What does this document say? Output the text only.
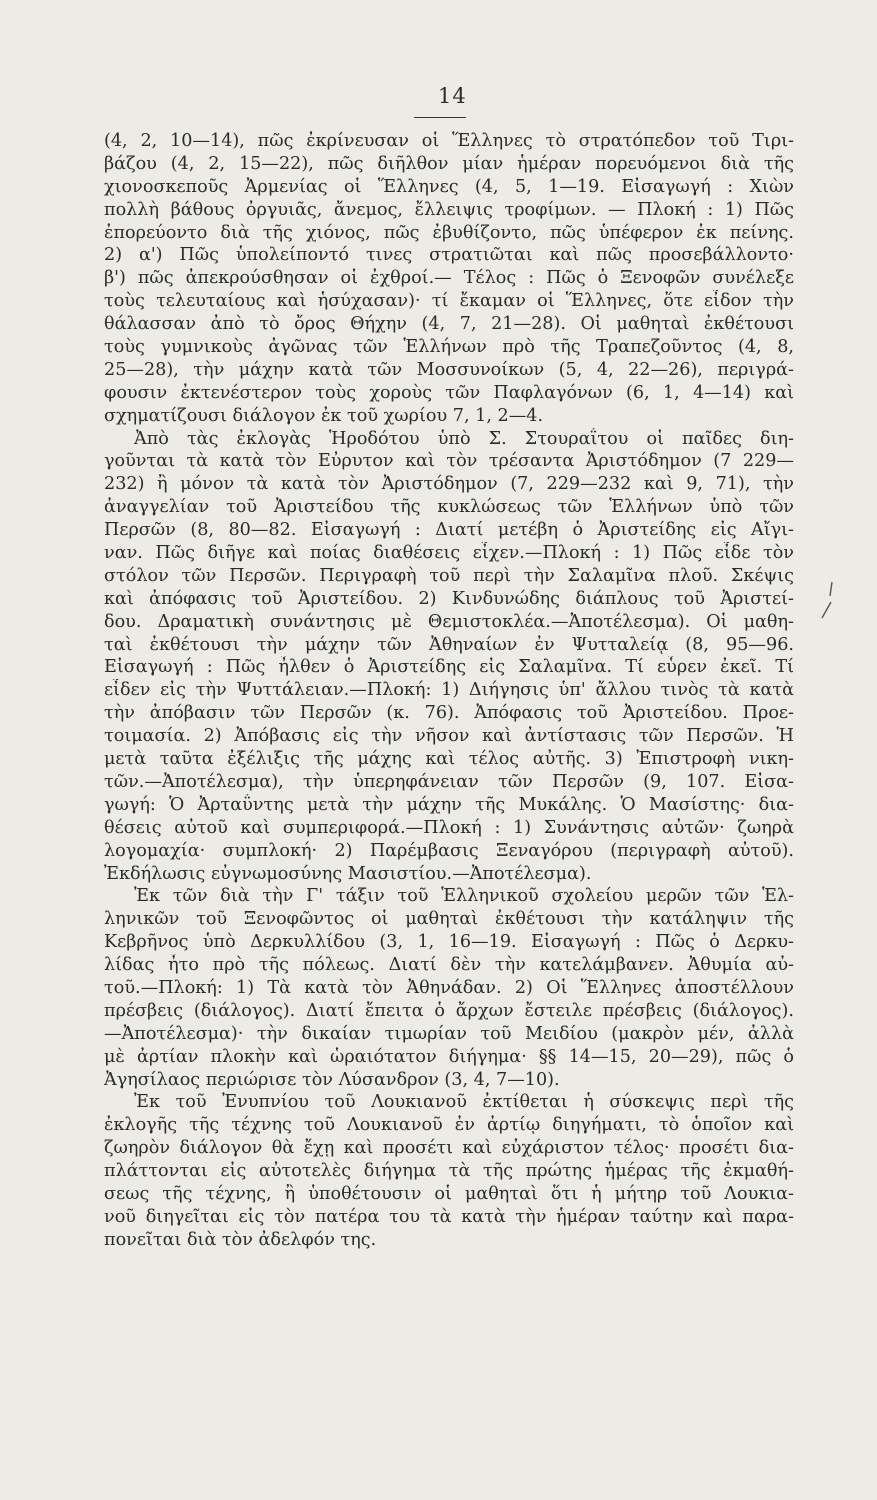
14
(4, 2, 10—14), πῶς ἐκρίνευσαν οἱ Ἕλληνες τὸ στρατόπεδον τοῦ Τιρι-
βάζου (4, 2, 15—22), πῶς διῆλθον μίαν ἡμέραν πορευόμενοι διὰ τῆς
χιονοσκεποῦς Ἀρμενίας οἱ Ἕλληνες (4, 5, 1—19. Εἰσαγωγή : Χιὼν
πολλὴ βάθους ὀργυιᾶς, ἄνεμος, ἔλλειψις τροφίμων. — Πλοκή : 1) Πῶς
ἐπορεύοντο διὰ τῆς χιόνος, πῶς ἐβυθίζοντο, πῶς ὑπέφερον ἐκ πείνης.
2) α') Πῶς ὑπολείποντό τινες στρατιῶται καὶ πῶς προσεβάλλοντο·
β') πῶς ἀπεκρούσθησαν οἱ ἐχθροί.— Τέλος : Πῶς ὁ Ξενοφῶν συνέλεξε
τοὺς τελευταίους καὶ ἡσύχασαν)· τί ἔκαμαν οἱ Ἕλληνες, ὅτε εἶδον τὴν
θάλασσαν ἀπὸ τὸ ὄρος Θήχην (4, 7, 21—28). Οἱ μαθηταὶ ἐκθέτουσι
τοὺς γυμνικοὺς ἀγῶνας τῶν Ἑλλήνων πρὸ τῆς Τραπεζοῦντος (4, 8,
25—28), τὴν μάχην κατὰ τῶν Μοσσυνοίκων (5, 4, 22—26), περιγρά-
φουσιν ἐκτενέστερον τοὺς χοροὺς τῶν Παφλαγόνων (6, 1, 4—14) καὶ
σχηματίζουσι διάλογον ἐκ τοῦ χωρίου 7, 1, 2—4.
Ἀπὸ τὰς ἐκλογὰς Ἡροδότου ὑπὸ Σ. Στουραΐτου οἱ παῖδες διη-
γοῦνται τὰ κατὰ τὸν Εὐρυτον καὶ τὸν τρέσαντα Ἀριστόδημον (7 229—
232) ἢ μόνον τὰ κατὰ τὸν Ἀριστόδημον (7, 229—232 καὶ 9, 71), τὴν
ἀναγγελίαν τοῦ Ἀριστείδου τῆς κυκλώσεως τῶν Ἑλλήνων ὑπὸ τῶν
Περσῶν (8, 80—82. Εἰσαγωγή : Διατί μετέβη ὁ Ἀριστείδης εἰς Αἴγι-
ναν. Πῶς διῆγε καὶ ποίας διαθέσεις εἶχεν.—Πλοκή : 1) Πῶς εἶδε τὸν
στόλον τῶν Περσῶν. Περιγραφὴ τοῦ περὶ τὴν Σαλαμῖνα πλοῦ. Σκέψις
καὶ ἀπόφασις τοῦ Ἀριστείδου. 2) Κινδυνώδης διάπλους τοῦ Ἀριστεί-
δου. Δραματικὴ συνάντησις μὲ Θεμιστοκλέα.—Ἀποτέλεσμα). Οἱ μαθη-
ταὶ ἐκθέτουσι τὴν μάχην τῶν Ἀθηναίων ἐν Ψυτταλείᾳ (8, 95—96.
Εἰσαγωγή : Πῶς ἦλθεν ὁ Ἀριστείδης εἰς Σαλαμῖνα. Τί εὗρεν ἐκεῖ. Τί
εἶδεν εἰς τὴν Ψυττάλειαν.—Πλοκή: 1) Διήγησις ὑπ' ἄλλου τινὸς τὰ κατὰ
τὴν ἀπόβασιν τῶν Περσῶν (κ. 76). Ἀπόφασις τοῦ Ἀριστείδου. Προε-
τοιμασία. 2) Ἀπόβασις εἰς τὴν νῆσον καὶ ἀντίστασις τῶν Περσῶν. Ἡ
μετὰ ταῦτα ἐξέλιξις τῆς μάχης καὶ τέλος αὐτῆς. 3) Ἐπιστροφὴ νικη-
τῶν.—Ἀποτέλεσμα), τὴν ὑπερηφάνειαν τῶν Περσῶν (9, 107. Εἰσα-
γωγή: Ὁ Ἀρταΰντης μετὰ τὴν μάχην τῆς Μυκάλης. Ὁ Μασίστης· δια-
θέσεις αὐτοῦ καὶ συμπεριφορά.—Πλοκή : 1) Συνάντησις αὐτῶν· ζωηρὰ
λογομαχία· συμπλοκή· 2) Παρέμβασις Ξεναγόρου (περιγραφὴ αὐτοῦ).
Ἐκδήλωσις εὐγνωμοσύνης Μασιστίου.—Ἀποτέλεσμα).
Ἐκ τῶν διὰ τὴν Γ' τάξιν τοῦ Ἑλληνικοῦ σχολείου μερῶν τῶν Ἑλ-
ληνικῶν τοῦ Ξενοφῶντος οἱ μαθηταὶ ἐκθέτουσι τὴν κατάληψιν τῆς
Κεβρῆνος ὑπὸ Δερκυλλίδου (3, 1, 16—19. Εἰσαγωγή : Πῶς ὁ Δερκυ-
λίδας ἦτο πρὸ τῆς πόλεως. Διατί δὲν τὴν κατελάμβανεν. Ἀθυμία αὐ-
τοῦ.—Πλοκή: 1) Τὰ κατὰ τὸν Ἀθηνάδαν. 2) Οἱ Ἕλληνες ἀποστέλλουν
πρέσβεις (διάλογος). Διατί ἔπειτα ὁ ἄρχων ἔστειλε πρέσβεις (διάλογος).
—Ἀποτέλεσμα)· τὴν δικαίαν τιμωρίαν τοῦ Μειδίου (μακρὸν μέν, ἀλλὰ
μὲ ἀρτίαν πλοκὴν καὶ ὡραιότατον διήγημα· §§ 14—15, 20—29), πῶς ὁ
Ἀγησίλαος περιώρισε τὸν Λύσανδρον (3, 4, 7—10).
Ἐκ τοῦ Ἐνυπνίου τοῦ Λουκιανοῦ ἐκτίθεται ἡ σύσκεψις περὶ τῆς
ἐκλογῆς τῆς τέχνης τοῦ Λουκιανοῦ ἐν ἀρτίῳ διηγήματι, τὸ ὁποῖον καὶ
ζωηρὸν διάλογον θὰ ἔχῃ καὶ προσέτι καὶ εὐχάριστον τέλος· προσέτι δια-
πλάττονται εἰς αὐτοτελὲς διήγημα τὰ τῆς πρώτης ἡμέρας τῆς ἐκμαθή-
σεως τῆς τέχνης, ἢ ὑποθέτουσιν οἱ μαθηταὶ ὅτι ἡ μήτηρ τοῦ Λουκια-
νοῦ διηγεῖται εἰς τὸν πατέρα του τὰ κατὰ τὴν ἡμέραν ταύτην καὶ παρα-
πονεῖται διὰ τὸν ἀδελφόν της.
